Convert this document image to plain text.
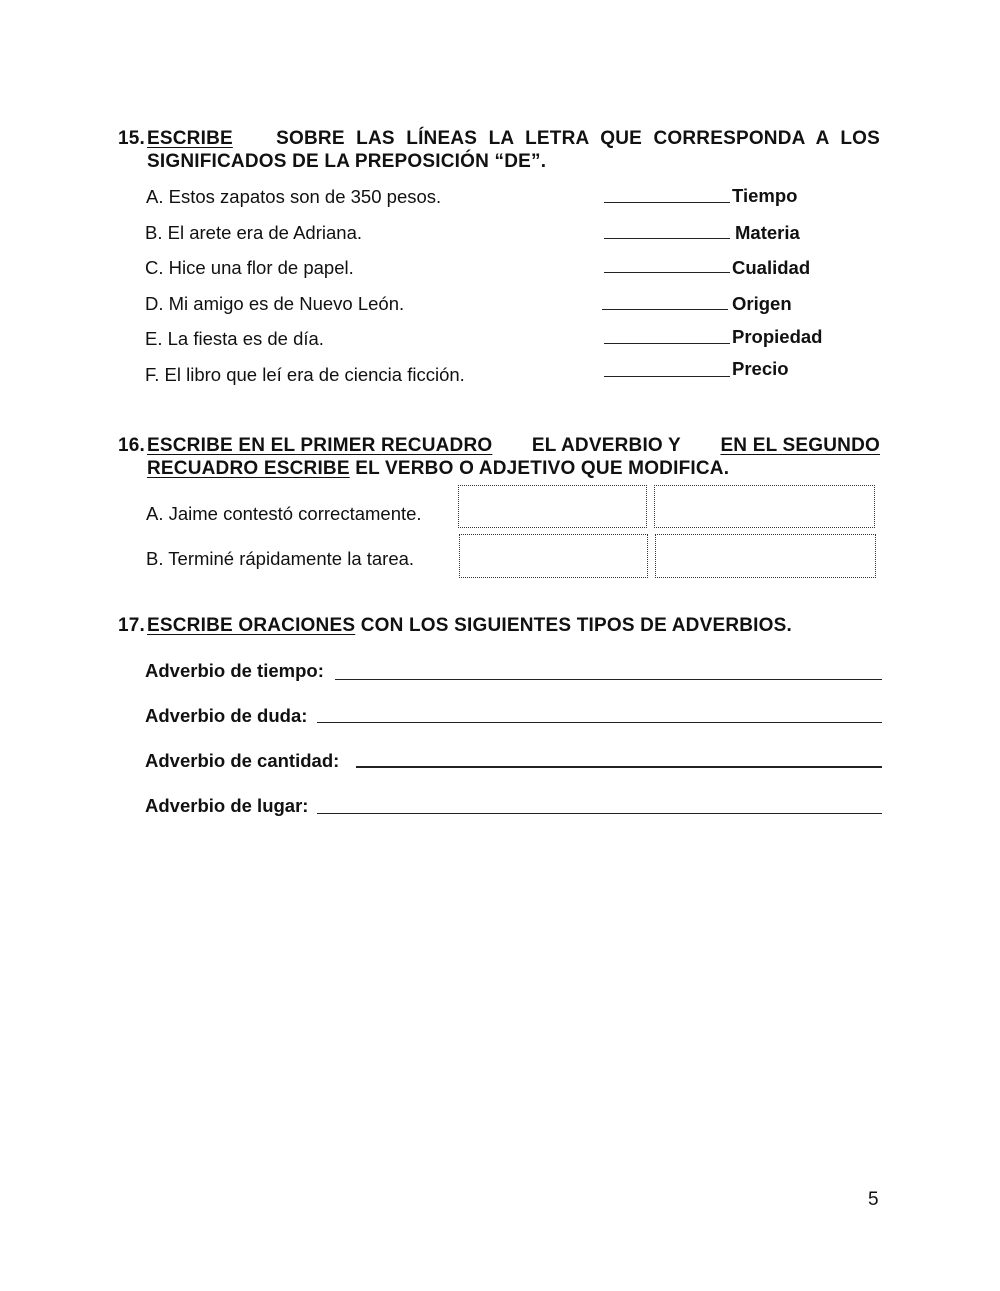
15. ESCRIBE SOBRE LAS LÍNEAS LA LETRA QUE CORRESPONDA A LOS
SIGNIFICADOS DE LA PREPOSICIÓN “DE”.
A. Estos zapatos son de 350 pesos.
B. El arete era de Adriana.
C. Hice una flor de papel.
D. Mi amigo es de Nuevo León.
E. La fiesta es de día.
F. El libro que leí era de ciencia ficción.
Tiempo
Materia
Cualidad
Origen
Propiedad
Precio
16. ESCRIBE EN EL PRIMER RECUADRO EL ADVERBIO Y EN EL SEGUNDO
RECUADRO ESCRIBE EL VERBO O ADJETIVO QUE MODIFICA.
A. Jaime contestó correctamente.
B. Terminé rápidamente la tarea.
17. ESCRIBE ORACIONES CON LOS SIGUIENTES TIPOS DE ADVERBIOS.
Adverbio de tiempo:
Adverbio de duda:
Adverbio de cantidad:
Adverbio de lugar:
5
